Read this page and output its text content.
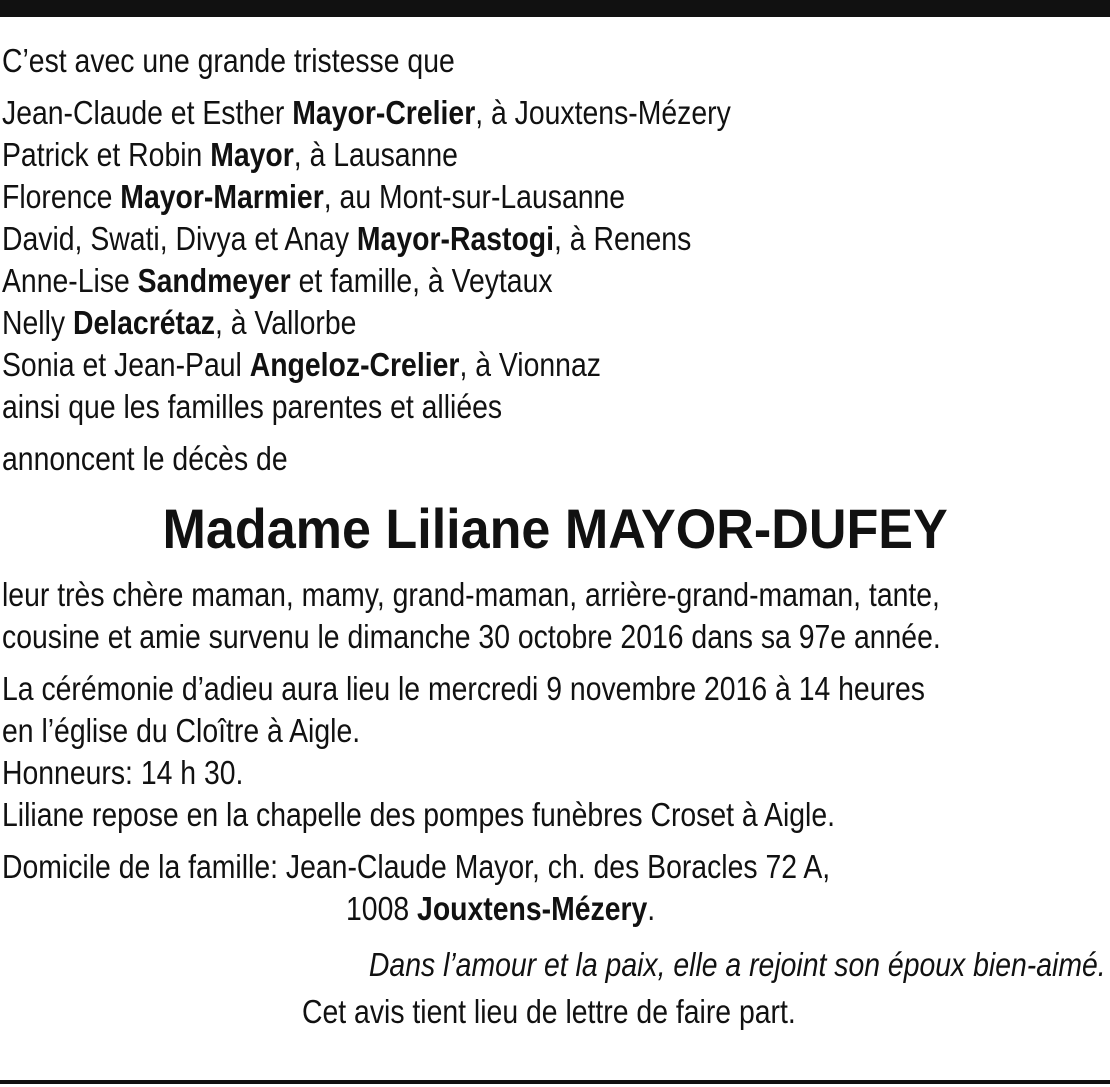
C’est avec une grande tristesse que
Jean-Claude et Esther Mayor-Crelier, à Jouxtens-Mézery
Patrick et Robin Mayor, à Lausanne
Florence Mayor-Marmier, au Mont-sur-Lausanne
David, Swati, Divya et Anay Mayor-Rastogi, à Renens
Anne-Lise Sandmeyer et famille, à Veytaux
Nelly Delacrétaz, à Vallorbe
Sonia et Jean-Paul Angeloz-Crelier, à Vionnaz
ainsi que les familles parentes et alliées
annoncent le décès de
Madame Liliane MAYOR-DUFEY
leur très chère maman, mamy, grand-maman, arrière-grand-maman, tante,
cousine et amie survenu le dimanche 30 octobre 2016 dans sa 97e année.
La cérémonie d’adieu aura lieu le mercredi 9 novembre 2016 à 14 heures
en l’église du Cloître à Aigle.
Honneurs: 14 h 30.
Liliane repose en la chapelle des pompes funèbres Croset à Aigle.
Domicile de la famille: Jean-Claude Mayor, ch. des Boracles 72 A,
1008 Jouxtens-Mézery.
Dans l’amour et la paix, elle a rejoint son époux bien-aimé.
Cet avis tient lieu de lettre de faire part.
